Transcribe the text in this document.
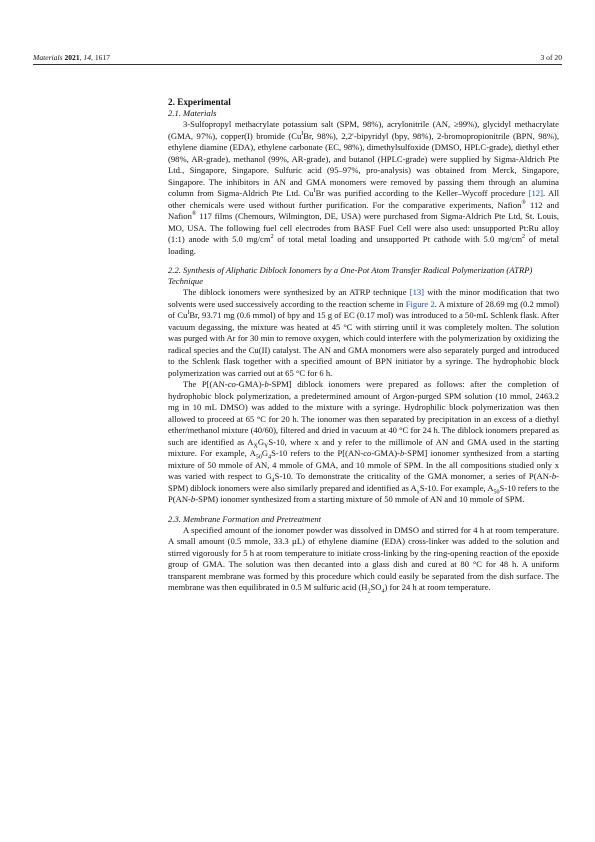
Materials 2021, 14, 1617	3 of 20
2. Experimental
2.1. Materials

3-Sulfopropyl methacrylate potassium salt (SPM, 98%), acrylonitrile (AN, ≥99%), glycidyl methacrylate (GMA, 97%), copper(I) bromide ($Cu^IBr$, 98%), 2,2′-bipyridyl (bpy, 98%), 2-bromopropionitrile (BPN, 98%), ethylene diamine (EDA), ethylene carbonate (EC, 98%), dimethylsulfoxide (DMSO, HPLC-grade), diethyl ether (98%, AR-grade), methanol (99%, AR-grade), and butanol (HPLC-grade) were supplied by Sigma-Aldrich Pte Ltd., Singapore, Singapore. Sulfuric acid (95–97%, pro-analysis) was obtained from Merck, Singapore, Singapore. The inhibitors in AN and GMA monomers were removed by passing them through an alumina column from Sigma-Aldrich Pte Ltd. $Cu^IBr$ was purified according to the Keller–Wycoff procedure [12]. All other chemicals were used without further purification. For the comparative experiments, Nafion® 112 and Nafion® 117 films (Chemours, Wilmington, DE, USA) were purchased from Sigma-Aldrich Pte Ltd, St. Louis, MO, USA. The following fuel cell electrodes from BASF Fuel Cell were also used: unsupported Pt:Ru alloy (1:1) anode with 5.0 $mg/cm^2$ of total metal loading and unsupported Pt cathode with 5.0 $mg/cm^2$ of metal loading.

2.2. Synthesis of Aliphatic Diblock Ionomers by a One-Pot Atom Transfer Radical Polymerization (ATRP) Technique

The diblock ionomers were synthesized by an ATRP technique [13] with the minor modification that two solvents were used successively according to the reaction scheme in Figure 2. A mixture of 28.69 mg (0.2 mmol) of $Cu^IBr$, 93.71 mg (0.6 mmol) of bpy and 15 g of EC (0.17 mol) was introduced to a 50-mL Schlenk flask. After vacuum degassing, the mixture was heated at 45 °C with stirring until it was completely molten. The solution was purged with Ar for 30 min to remove oxygen, which could interfere with the polymerization by oxidizing the radical species and the Cu(II) catalyst. The AN and GMA monomers were also separately purged and introduced to the Schlenk flask together with a specified amount of BPN initiator by a syringe. The hydrophobic block polymerization was carried out at 65 °C for 6 h.

The P[(AN-co-GMA)-b-SPM] diblock ionomers were prepared as follows: after the completion of hydrophobic block polymerization, a predetermined amount of Argon-purged SPM solution (10 mmol, 2463.2 mg in 10 mL DMSO) was added to the mixture with a syringe. Hydrophilic block polymerization was then allowed to proceed at 65 °C for 20 h. The ionomer was then separated by precipitation in an excess of a diethyl ether/methanol mixture (40/60), filtered and dried in vacuum at 40 °C for 24 h. The diblock ionomers prepared as such are identified as $A_XG_YS-10$, where x and y refer to the millimole of AN and GMA used in the starting mixture. For example, $A_{50}G_4S-10$ refers to the P[(AN-co-GMA)-b-SPM] ionomer synthesized from a starting mixture of 50 mmole of AN, 4 mmole of GMA, and 10 mmole of SPM. In the all compositions studied only x was varied with respect to $G_4S-10$. To demonstrate the criticality of the GMA monomer, a series of P(AN-b-SPM) diblock ionomers were also similarly prepared and identified as $A_xS-10$. For example, $A_{50}S-10$ refers to the P(AN-b-SPM) ionomer synthesized from a starting mixture of 50 mmole of AN and 10 mmole of SPM.

2.3. Membrane Formation and Pretreatment

A specified amount of the ionomer powder was dissolved in DMSO and stirred for 4 h at room temperature. A small amount (0.5 mmole, 33.3 µL) of ethylene diamine (EDA) cross-linker was added to the solution and stirred vigorously for 5 h at room temperature to initiate cross-linking by the ring-opening reaction of the epoxide group of GMA. The solution was then decanted into a glass dish and cured at 80 °C for 48 h. A uniform transparent membrane was formed by this procedure which could easily be separated from the dish surface. The membrane was then equilibrated in 0.5 M sulfuric acid $(H_2SO_4)$ for 24 h at room temperature.
